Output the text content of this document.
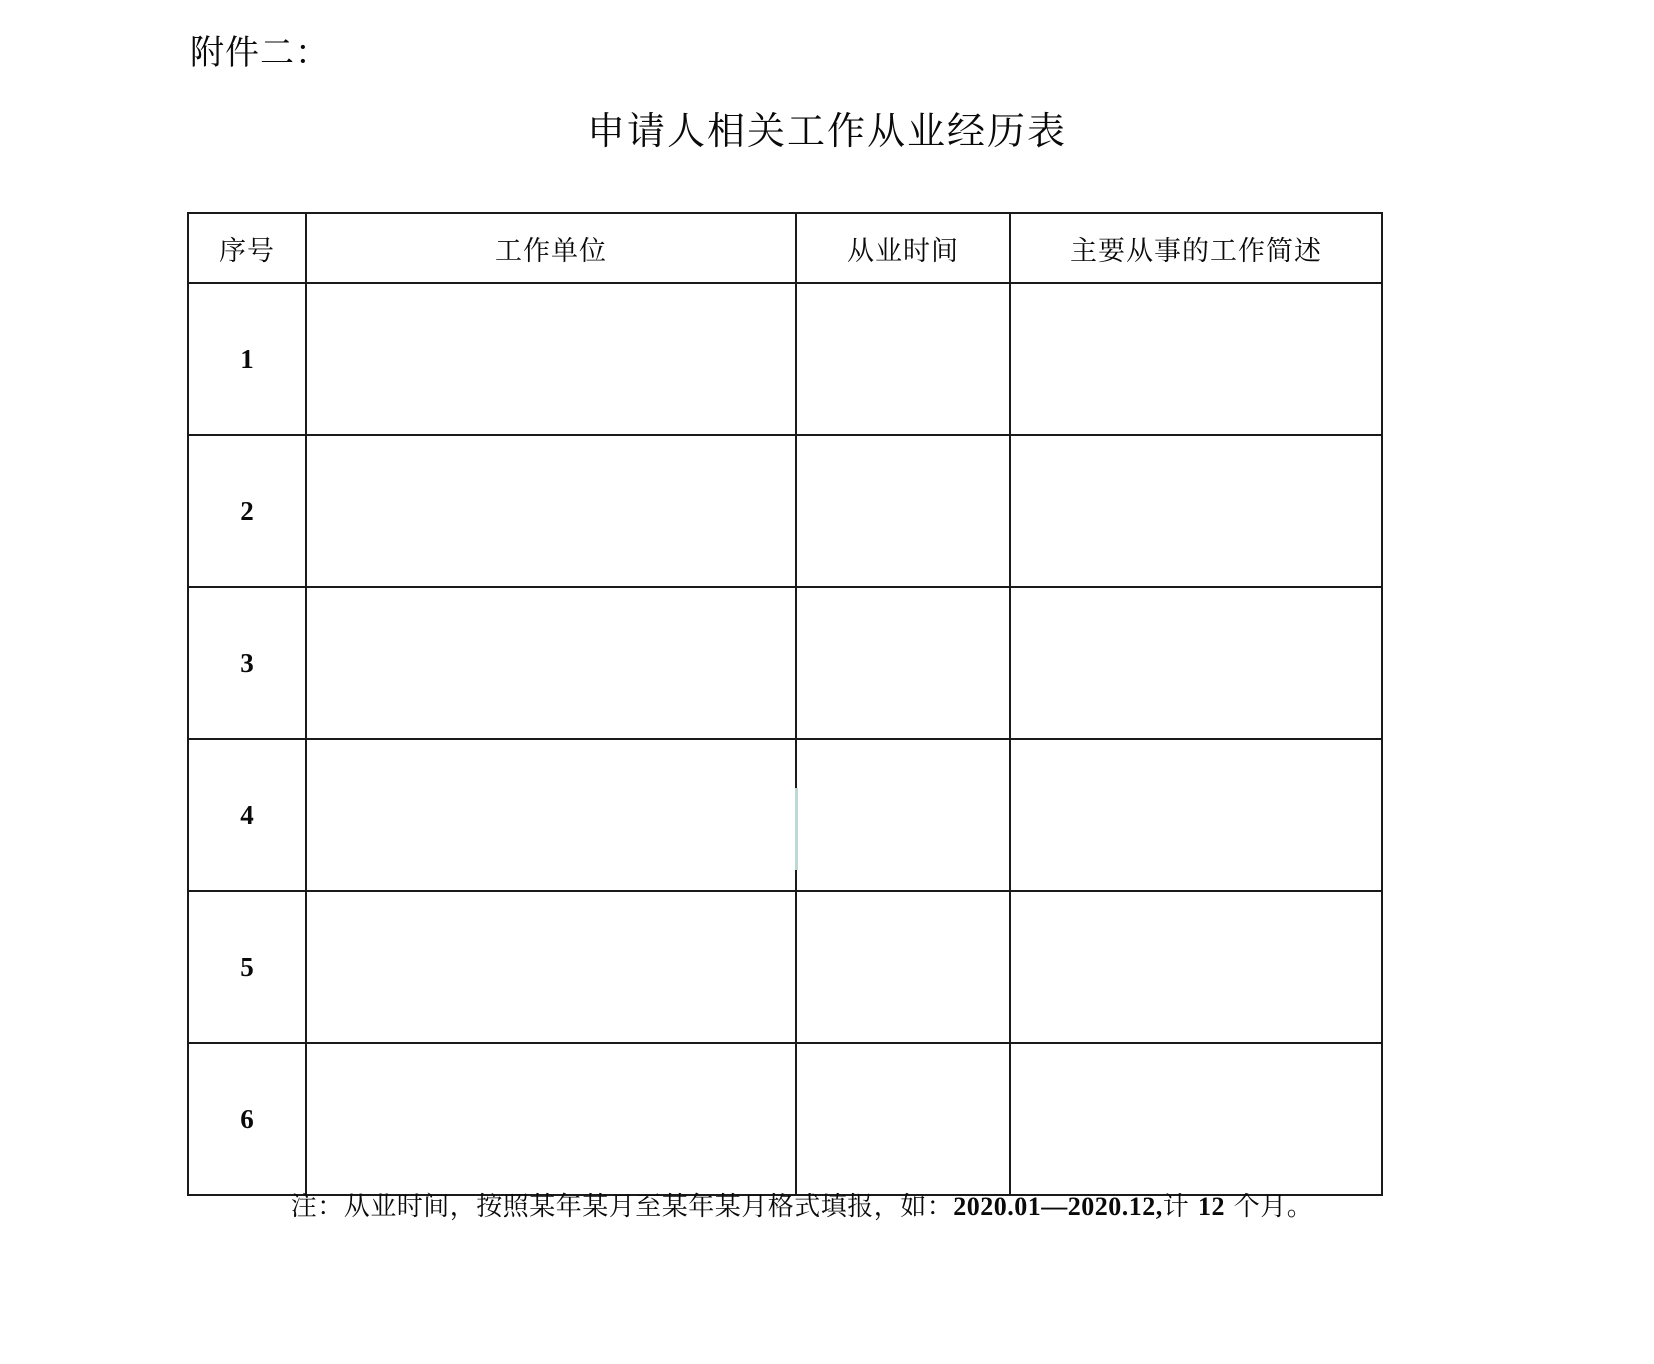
附件二：
申请人相关工作从业经历表
序号	工作单位	从业时间	主要从事的工作简述
1	

2	

3	

4	

5	

6	

注：从业时间，按照某年某月至某年某月格式填报，如：2020.01—2020.12,计 12 个月。
